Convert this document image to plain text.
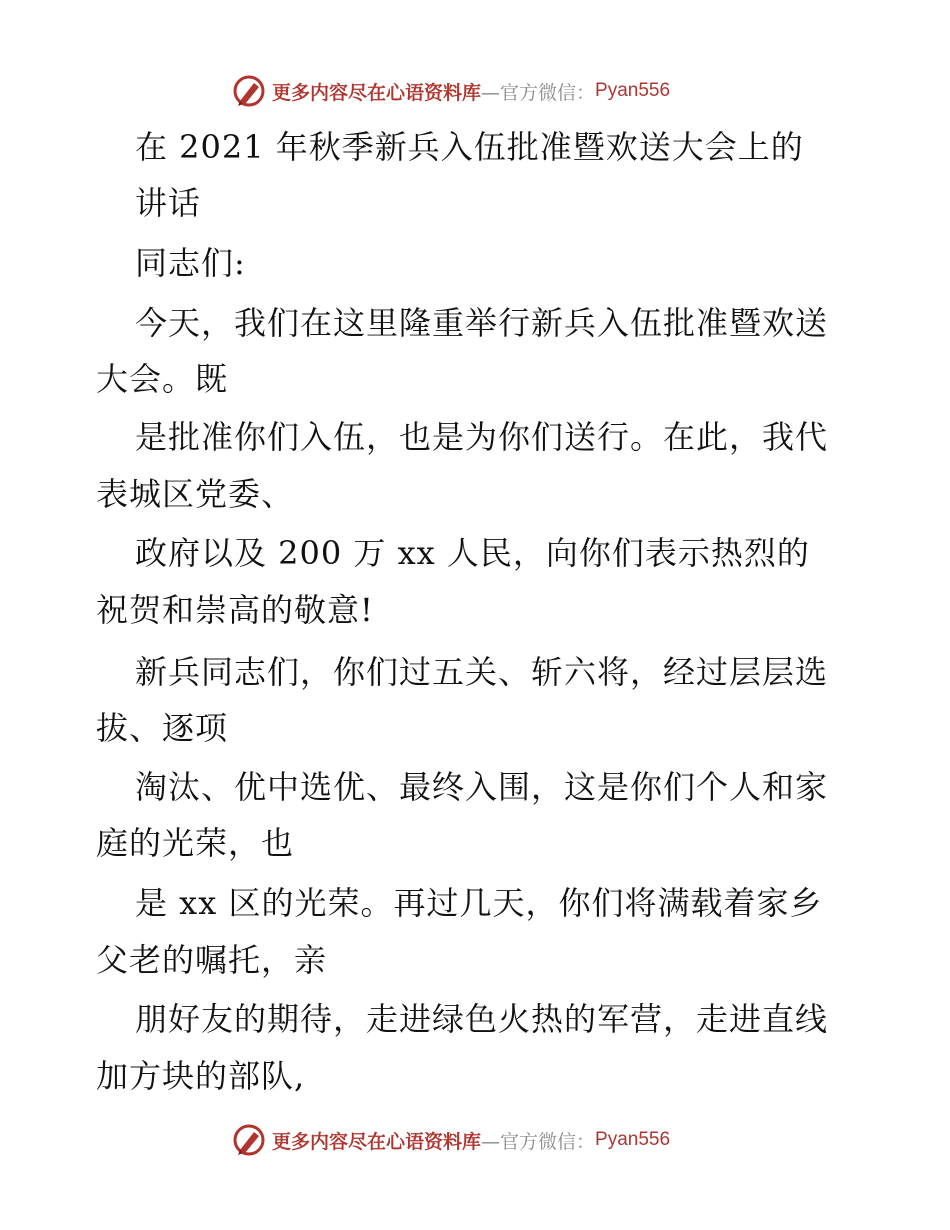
更多内容尽在心语资料库 —官方微信： Pyan556

在 2021 年秋季新兵入伍批准暨欢送大会上的

讲话

同志们:

今天，我们在这里隆重举行新兵入伍批准暨欢送

大会。既

是批准你们入伍，也是为你们送行。在此，我代

表城区党委、

政府以及 200 万 xx 人民，向你们表示热烈的

祝贺和崇高的敬意!

新兵同志们，你们过五关、斩六将，经过层层选

拔、逐项

淘汰、优中选优、最终入围，这是你们个人和家

庭的光荣，也

是 xx 区的光荣。再过几天，你们将满载着家乡

父老的嘱托，亲

朋好友的期待，走进绿色火热的军营，走进直线

加方块的部队,

更多内容尽在心语资料库 —官方微信： Pyan556
